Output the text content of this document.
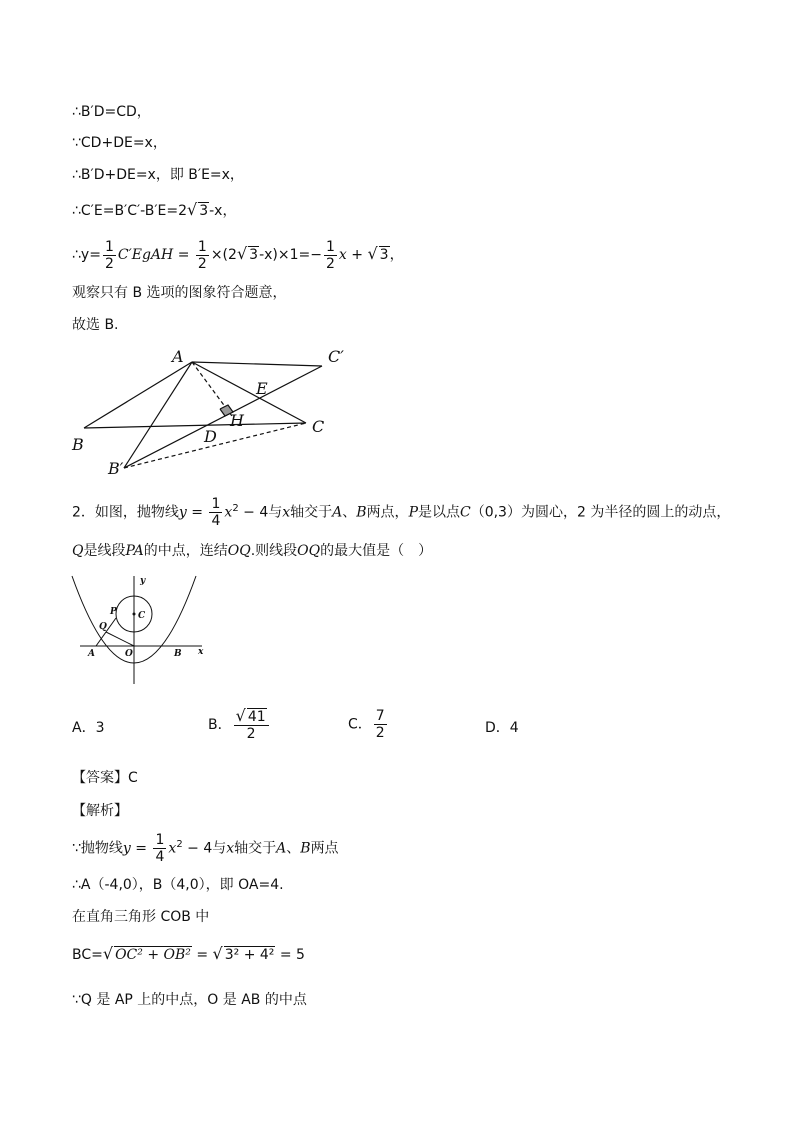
∴B′D=CD，
∵CD+DE=x，
∴B′D+DE=x，即 B′E=x，
∴C′E=B′C′-B′E=2√ 3-x，
∴y= $\frac{1}{2}$ C′EgAH = $\frac{1}{2} \times(2√$ $3-x)\times 1=- \frac{1}{2}$ x + √ 3，
观察只有 B 选项的图象符合题意，
故选 B.
A	C′
E
H	C
B	D
B′
2．如图，抛物线$y = \frac{1}{4} x^2 - 4$与x轴交于A、B两点，P是以点C（0,3）为圆心，2 为半径的圆上的动点，
Q是线段PA的中点，连结OQ.则线段OQ的最大值是（　）
y
P C
Q
A	O	B x
A．3	B． $\frac{√ 41}{2}$	C． $\frac{7}{2}$	D．4
【答案】C
【解析】
∵抛物线$y = \frac{1}{4} x^2 - 4$与x轴交于A、B两点
∴A（-4,0），B（4,0），即 OA=4.
在直角三角形 COB 中
BC=√ OC² + OB² = √ 3² + 4² = 5
∵Q 是 AP 上的中点，O 是 AB 的中点
